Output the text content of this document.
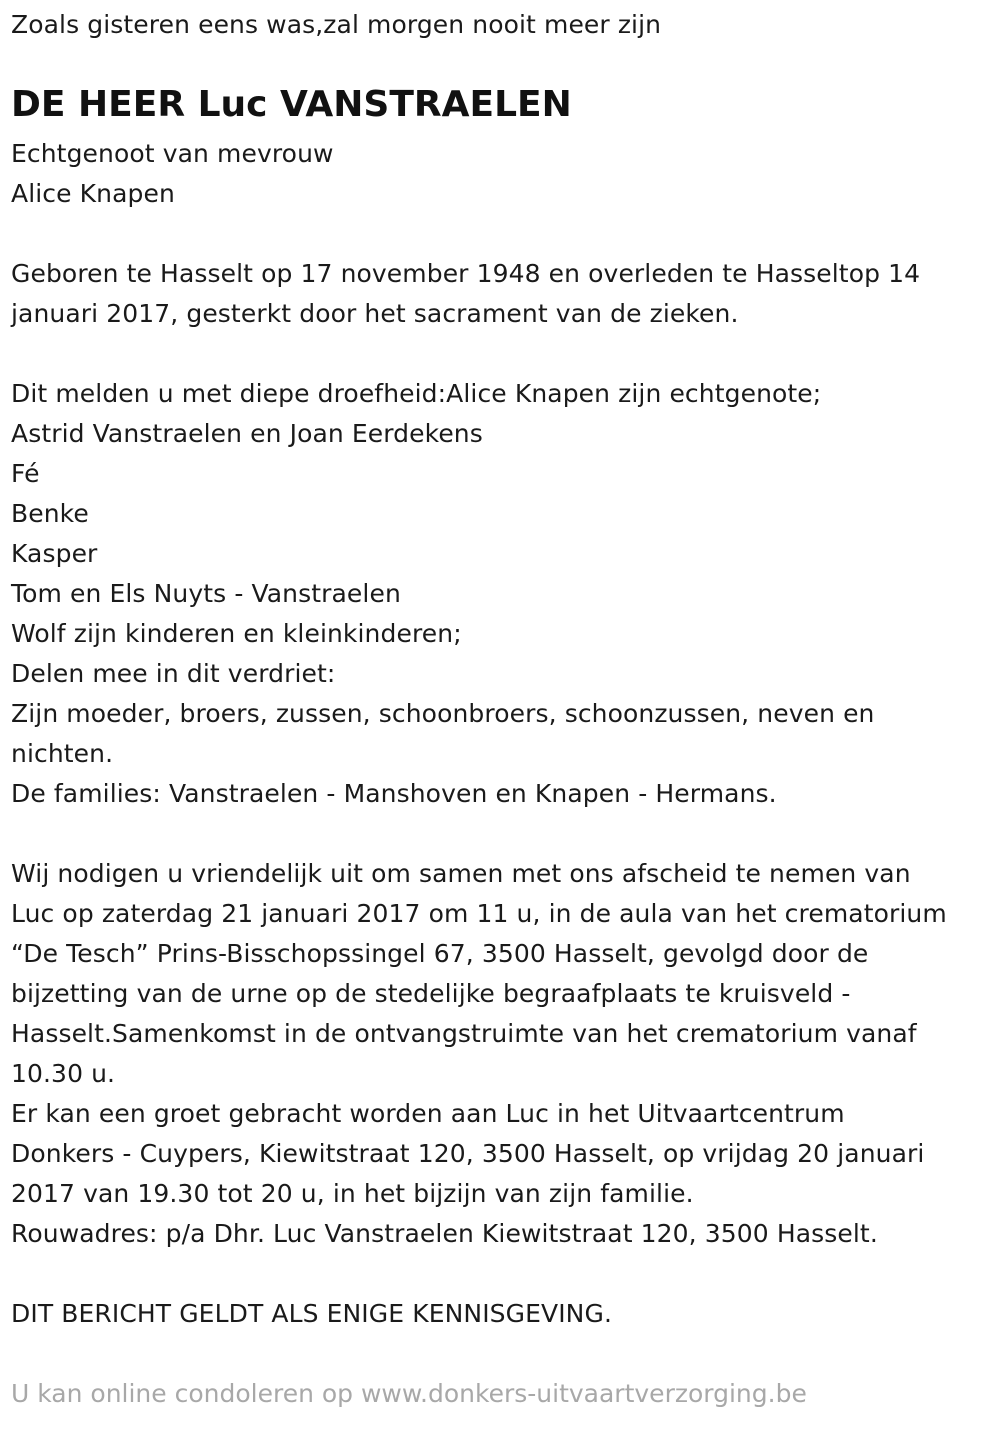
Zoals gisteren eens was,zal morgen nooit meer zijn
DE HEER Luc VANSTRAELEN
Echtgenoot van mevrouw
Alice Knapen
Geboren te Hasselt op 17 november 1948 en overleden te Hasseltop 14
januari 2017, gesterkt door het sacrament van de zieken.
Dit melden u met diepe droefheid:Alice Knapen zijn echtgenote;
Astrid Vanstraelen en Joan Eerdekens
Fé
Benke
Kasper
Tom en Els Nuyts - Vanstraelen
Wolf zijn kinderen en kleinkinderen;
Delen mee in dit verdriet:
Zijn moeder, broers, zussen, schoonbroers, schoonzussen, neven en
nichten.
De families: Vanstraelen - Manshoven en Knapen - Hermans.
Wij nodigen u vriendelijk uit om samen met ons afscheid te nemen van
Luc op zaterdag 21 januari 2017 om 11 u, in de aula van het crematorium
“De Tesch” Prins-Bisschopssingel 67, 3500 Hasselt, gevolgd door de
bijzetting van de urne op de stedelijke begraafplaats te kruisveld -
Hasselt.Samenkomst in de ontvangstruimte van het crematorium vanaf
10.30 u.
Er kan een groet gebracht worden aan Luc in het Uitvaartcentrum
Donkers - Cuypers, Kiewitstraat 120, 3500 Hasselt, op vrijdag 20 januari
2017 van 19.30 tot 20 u, in het bijzijn van zijn familie.
Rouwadres: p/a Dhr. Luc Vanstraelen Kiewitstraat 120, 3500 Hasselt.
DIT BERICHT GELDT ALS ENIGE KENNISGEVING.
U kan online condoleren op www.donkers-uitvaartverzorging.be
